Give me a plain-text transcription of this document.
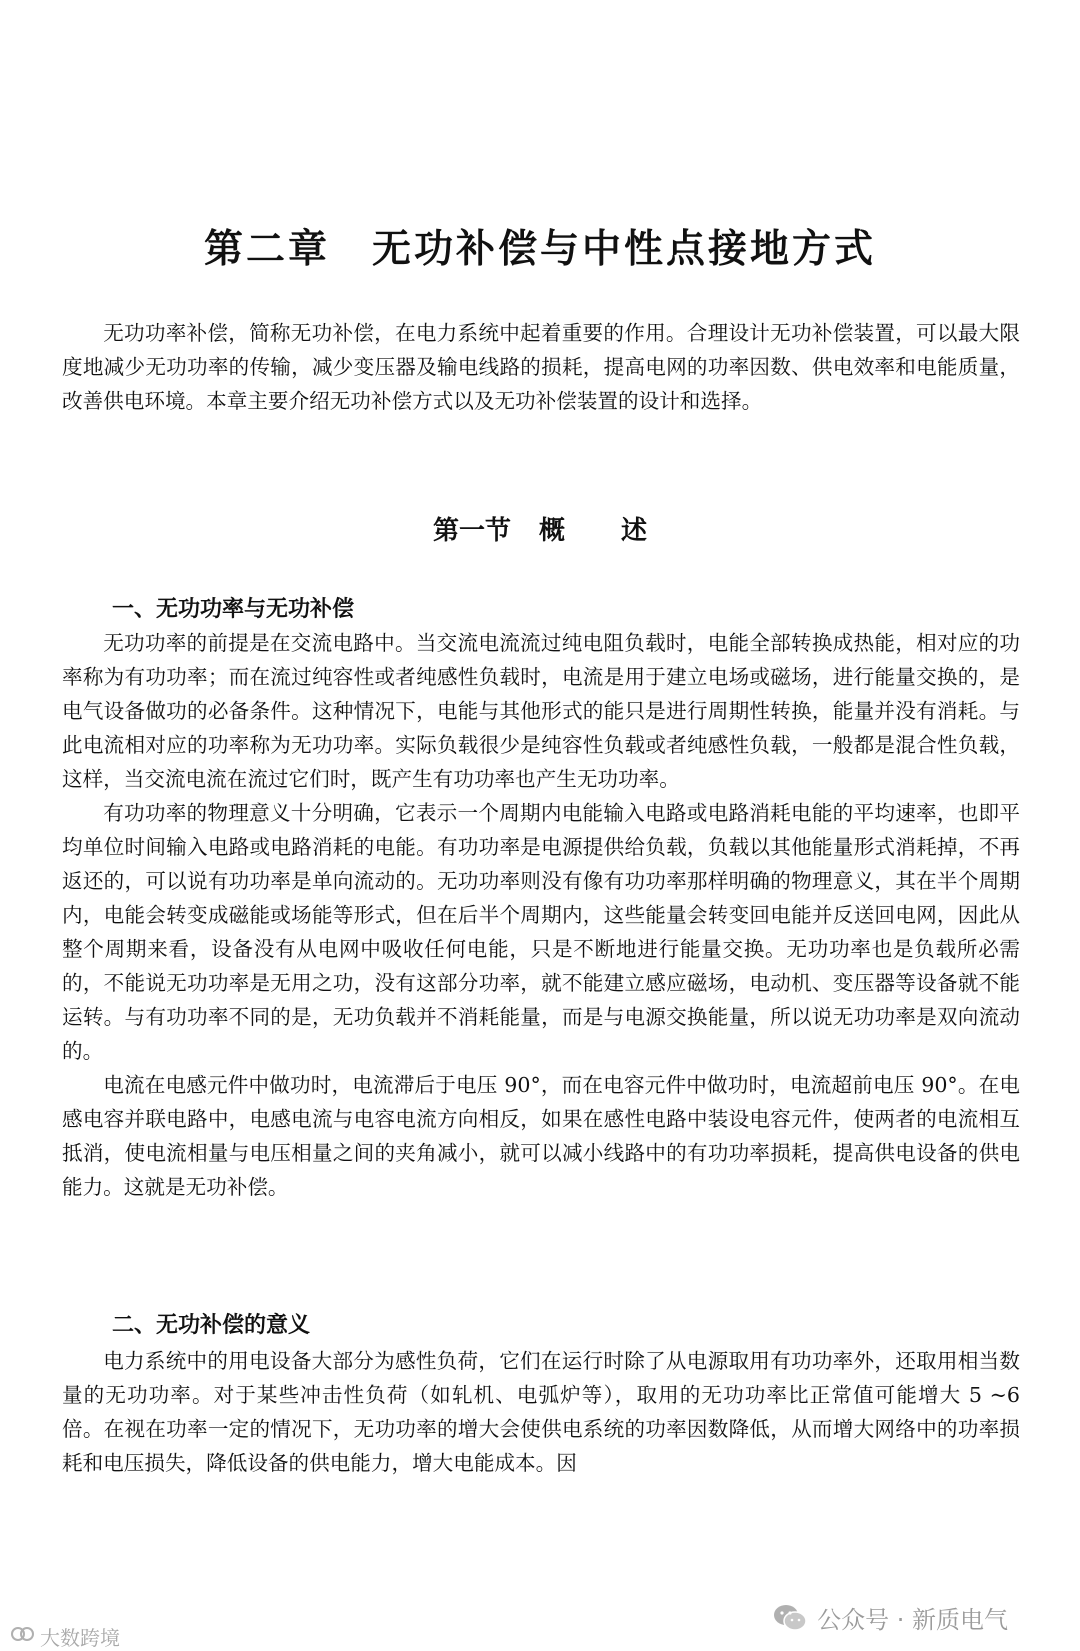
第二章 无功补偿与中性点接地方式

无功功率补偿，简称无功补偿，在电力系统中起着重要的作用。合理设计无功补偿装置，可以最大限度地减少无功功率的传输，减少变压器及输电线路的损耗，提高电网的功率因数、供电效率和电能质量，改善供电环境。本章主要介绍无功补偿方式以及无功补偿装置的设计和选择。

第一节 概 述
一、无功功率与无功补偿

无功功率的前提是在交流电路中。当交流电流流过纯电阻负载时，电能全部转换成热能，相对应的功率称为有功功率；而在流过纯容性或者纯感性负载时，电流是用于建立电场或磁场，进行能量交换的，是电气设备做功的必备条件。这种情况下，电能与其他形式的能只是进行周期性转换，能量并没有消耗。与此电流相对应的功率称为无功功率。实际负载很少是纯容性负载或者纯感性负载，一般都是混合性负载，这样，当交流电流在流过它们时，既产生有功功率也产生无功功率。

有功功率的物理意义十分明确，它表示一个周期内电能输入电路或电路消耗电能的平均速率，也即平均单位时间输入电路或电路消耗的电能。有功功率是电源提供给负载，负载以其他能量形式消耗掉，不再返还的，可以说有功功率是单向流动的。无功功率则没有像有功功率那样明确的物理意义，其在半个周期内，电能会转变成磁能或场能等形式，但在后半个周期内，这些能量会转变回电能并反送回电网，因此从整个周期来看，设备没有从电网中吸收任何电能，只是不断地进行能量交换。无功功率也是负载所必需的，不能说无功功率是无用之功，没有这部分功率，就不能建立感应磁场，电动机、变压器等设备就不能运转。与有功功率不同的是，无功负载并不消耗能量，而是与电源交换能量，所以说无功功率是双向流动的。

电流在电感元件中做功时，电流滞后于电压 90°，而在电容元件中做功时，电流超前电压 90°。在电感电容并联电路中，电感电流与电容电流方向相反，如果在感性电路中装设电容元件，使两者的电流相互抵消，使电流相量与电压相量之间的夹角减小，就可以减小线路中的有功功率损耗，提高供电设备的供电能力。这就是无功补偿。

二、无功补偿的意义

电力系统中的用电设备大部分为感性负荷，它们在运行时除了从电源取用有功功率外，还取用相当数量的无功功率。对于某些冲击性负荷（如轧机、电弧炉等），取用的无功功率比正常值可能增大 5 ~6 倍。在视在功率一定的情况下，无功功率的增大会使供电系统的功率因数降低，从而增大网络中的功率损耗和电压损失，降低设备的供电能力，增大电能成本。因

公众号 · 新质电气
大数跨境
